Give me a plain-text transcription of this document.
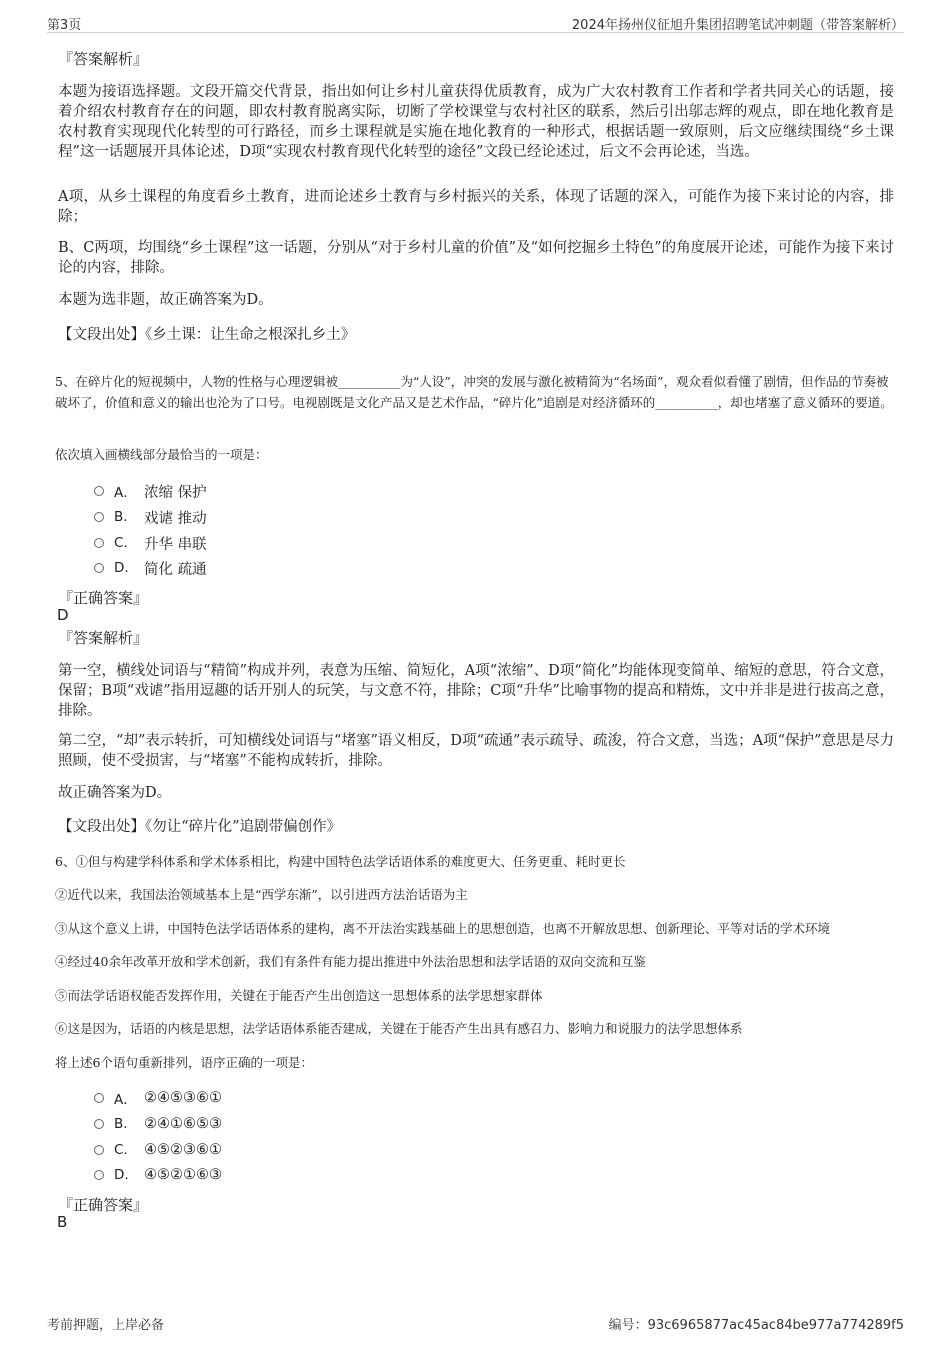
第3页	2024年扬州仪征旭升集团招聘笔试冲刺题（带答案解析）
『答案解析』

本题为接语选择题。文段开篇交代背景，指出如何让乡村儿童获得优质教育，成为广大农村教育工作者和学者共同关心的话题，接着介绍农村教育存在的问题，即农村教育脱离实际，切断了学校课堂与农村社区的联系，然后引出邬志辉的观点，即在地化教育是农村教育实现现代化转型的可行路径，而乡土课程就是实施在地化教育的一种形式，根据话题一致原则，后文应继续围绕“乡土课程”这一话题展开具体论述，D项“实现农村教育现代化转型的途径”文段已经论述过，后文不会再论述，当选。

A项，从乡土课程的角度看乡土教育，进而论述乡土教育与乡村振兴的关系，体现了话题的深入，可能作为接下来讨论的内容，排除；

B、C两项，均围绕“乡土课程”这一话题，分别从“对于乡村儿童的价值”及“如何挖掘乡土特色”的角度展开论述，可能作为接下来讨论的内容，排除。

本题为选非题，故正确答案为D。

【文段出处】《乡土课：让生命之根深扎乡土》

5、在碎片化的短视频中，人物的性格与心理逻辑被__________为“人设”，冲突的发展与激化被精简为“名场面”，观众看似看懂了剧情，但作品的节奏被破坏了，价值和意义的输出也沦为了口号。电视剧既是文化产品又是艺术作品，“碎片化”追剧是对经济循环的__________，却也堵塞了意义循环的要道。

依次填入画横线部分最恰当的一项是：

A． 浓缩 保护
B.	戏谑 推动
C.	升华 串联
D.	简化 疏通
『正确答案』
D
『答案解析』

第一空，横线处词语与“精简”构成并列，表意为压缩、简短化，A项“浓缩”、D项“简化”均能体现变简单、缩短的意思，符合文意，保留；B项“戏谑”指用逗趣的话开别人的玩笑，与文意不符，排除；C项“升华”比喻事物的提高和精炼，文中并非是进行拔高之意，排除。

第二空，“却”表示转折，可知横线处词语与“堵塞”语义相反，D项“疏通”表示疏导、疏浚，符合文意，当选；A项“保护”意思是尽力照顾，使不受损害，与“堵塞”不能构成转折，排除。

故正确答案为D。

【文段出处】《勿让“碎片化”追剧带偏创作》

6、①但与构建学科体系和学术体系相比，构建中国特色法学话语体系的难度更大、任务更重、耗时更长

②近代以来，我国法治领域基本上是“西学东渐”，以引进西方法治话语为主

③从这个意义上讲，中国特色法学话语体系的建构，离不开法治实践基础上的思想创造，也离不开解放思想、创新理论、平等对话的学术环境

④经过40余年改革开放和学术创新，我们有条件有能力提出推进中外法治思想和法学话语的双向交流和互鉴

⑤而法学话语权能否发挥作用，关键在于能否产生出创造这一思想体系的法学思想家群体

⑥这是因为，话语的内核是思想，法学话语体系能否建成，关键在于能否产生出具有感召力、影响力和说服力的法学思想体系

将上述6个语句重新排列，语序正确的一项是：

A． ②④⑤③⑥①
B.	②④①⑥⑤③
C.	④⑤②③⑥①
D.	④⑤②①⑥③
『正确答案』
B
考前押题，上岸必备	编号：93c6965877ac45ac84be977a774289f5
